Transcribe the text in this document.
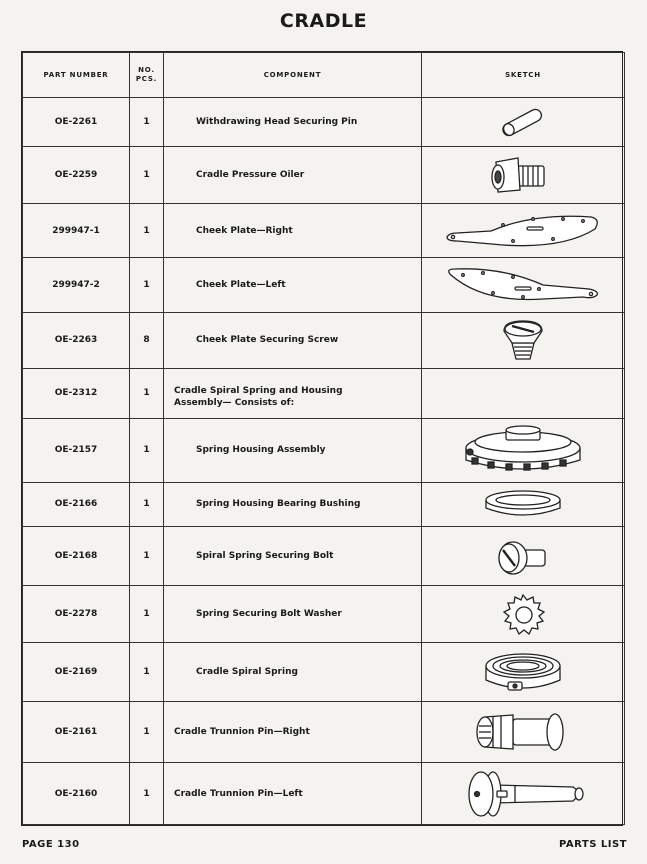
CRADLE
PART NUMBER	NO. PCS.	COMPONENT	SKETCH
OE-2261	1	Withdrawing Head Securing Pin	

OE-2259	1	Cradle Pressure Oiler	

299947-1	1	Cheek Plate—Right	

299947-2	1	Cheek Plate—Left	

OE-2263	8	Cheek Plate Securing Screw	

OE-2312	1	Cradle Spiral Spring and Housing Assembly— Consists of:	
OE-2157	1	Spring Housing Assembly	

OE-2166	1	Spring Housing Bearing Bushing	

OE-2168	1	Spiral Spring Securing Bolt	

OE-2278	1	Spring Securing Bolt Washer	

OE-2169	1	Cradle Spiral Spring	

OE-2161	1	Cradle Trunnion Pin—Right	

OE-2160	1	Cradle Trunnion Pin—Left	
PAGE 130	PARTS LIST
